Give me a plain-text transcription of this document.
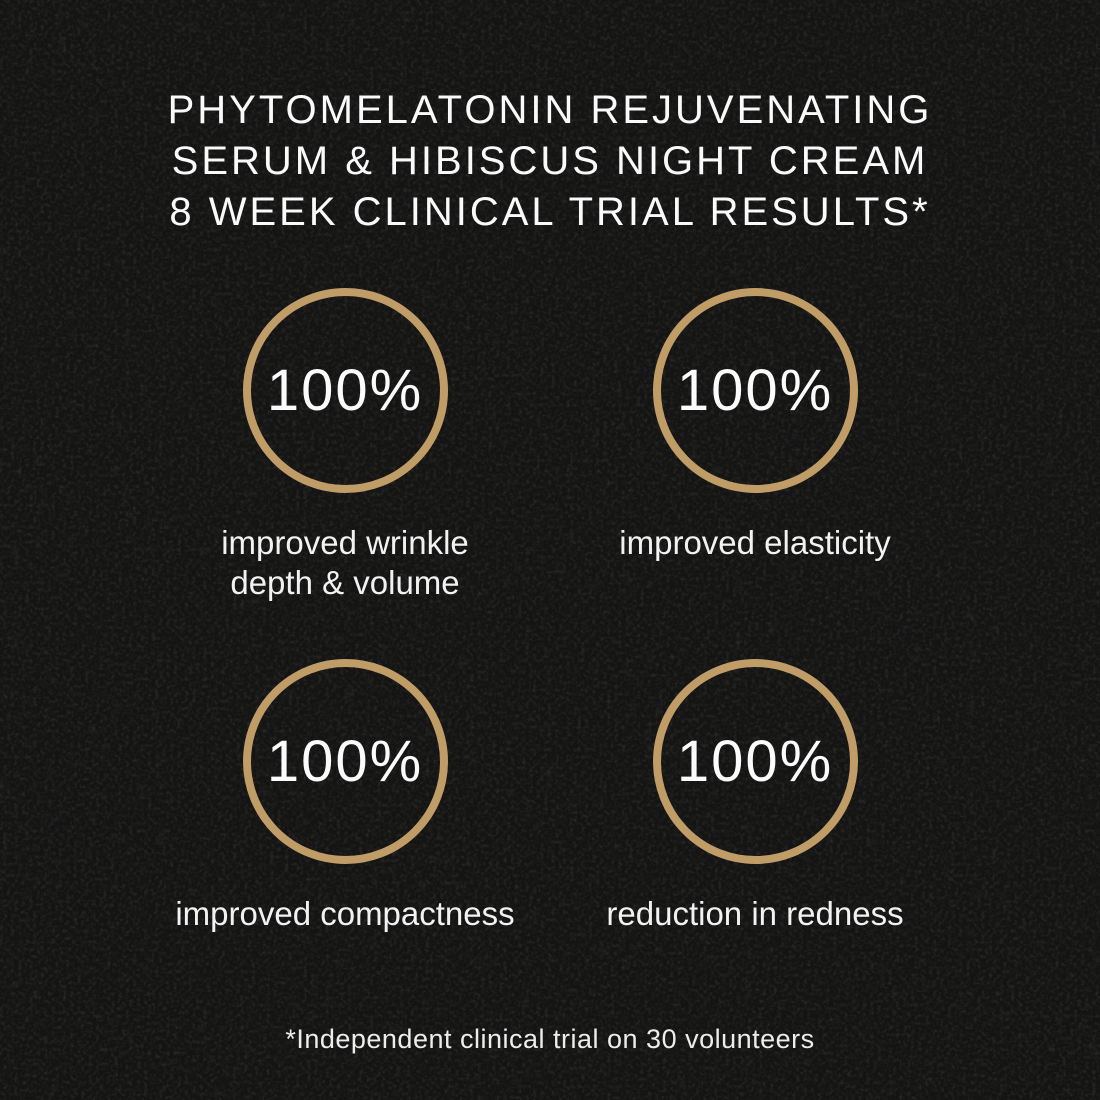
PHYTOMELATONIN REJUVENATING
SERUM & HIBISCUS NIGHT CREAM
8 WEEK CLINICAL TRIAL RESULTS*
100%
improved wrinkle
depth & volume
100%
improved elasticity
100%
improved compactness
100%
reduction in redness
*Independent clinical trial on 30 volunteers
